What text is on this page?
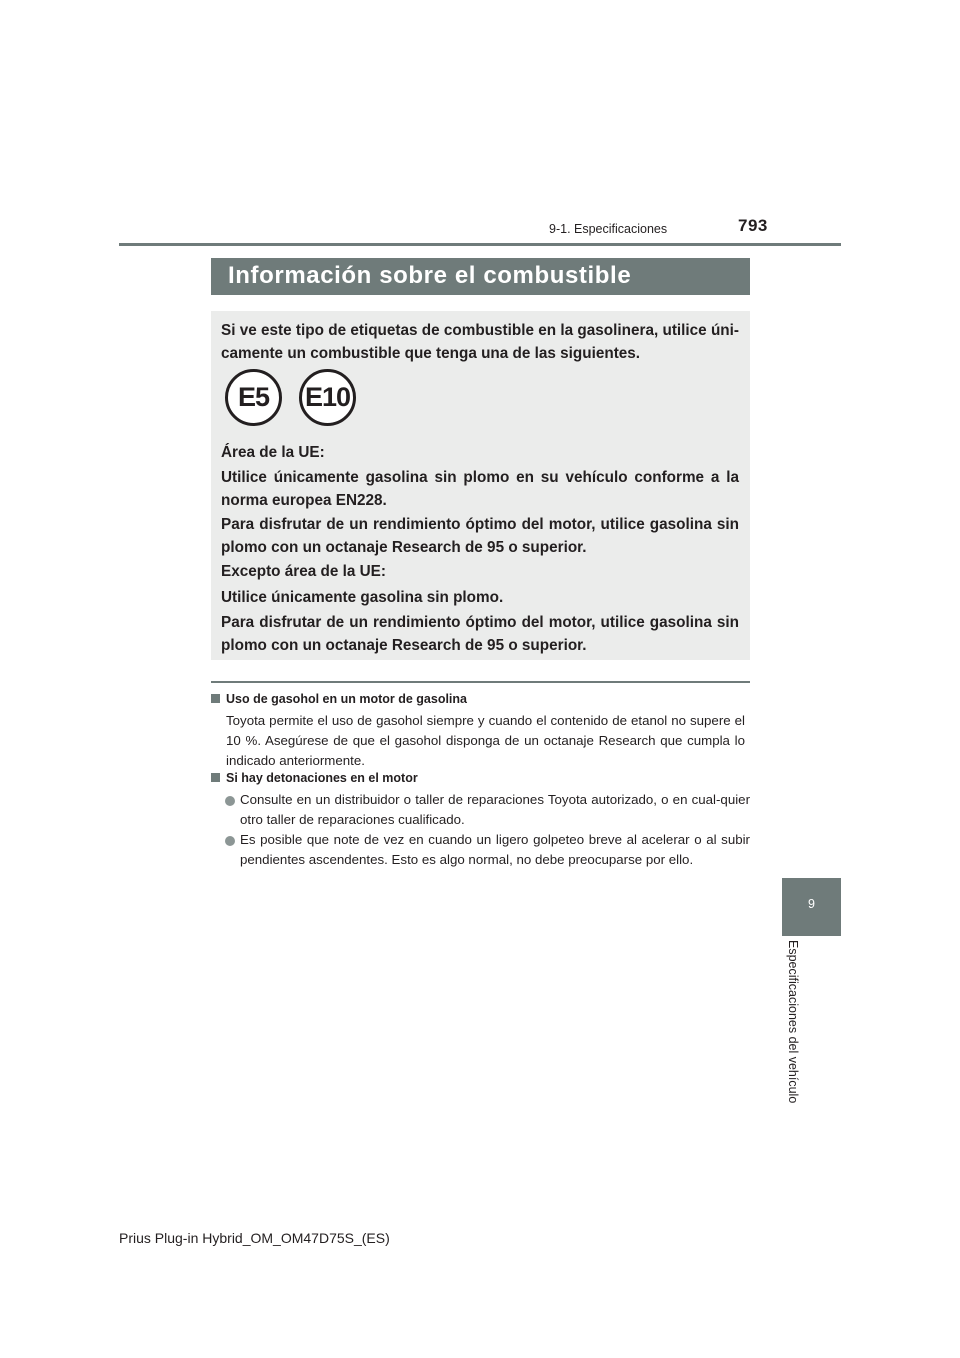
9-1. Especificaciones	793
Información sobre el combustible
Si ve este tipo de etiquetas de combustible en la gasolinera, utilice úni-camente un combustible que tenga una de las siguientes.
E5 E10
Área de la UE:
Utilice únicamente gasolina sin plomo en su vehículo conforme a la norma europea EN228.
Para disfrutar de un rendimiento óptimo del motor, utilice gasolina sin plomo con un octanaje Research de 95 o superior.
Excepto área de la UE:
Utilice únicamente gasolina sin plomo.
Para disfrutar de un rendimiento óptimo del motor, utilice gasolina sin plomo con un octanaje Research de 95 o superior.
Uso de gasohol en un motor de gasolina
Toyota permite el uso de gasohol siempre y cuando el contenido de etanol no supere el 10 %. Asegúrese de que el gasohol disponga de un octanaje Research que cumpla lo indicado anteriormente.
Si hay detonaciones en el motor
Consulte en un distribuidor o taller de reparaciones Toyota autorizado, o en cual-quier otro taller de reparaciones cualificado.
Es posible que note de vez en cuando un ligero golpeteo breve al acelerar o al subir pendientes ascendentes. Esto es algo normal, no debe preocuparse por ello.
9
Especificaciones del vehículo
Prius Plug-in Hybrid_OM_OM47D75S_(ES)
